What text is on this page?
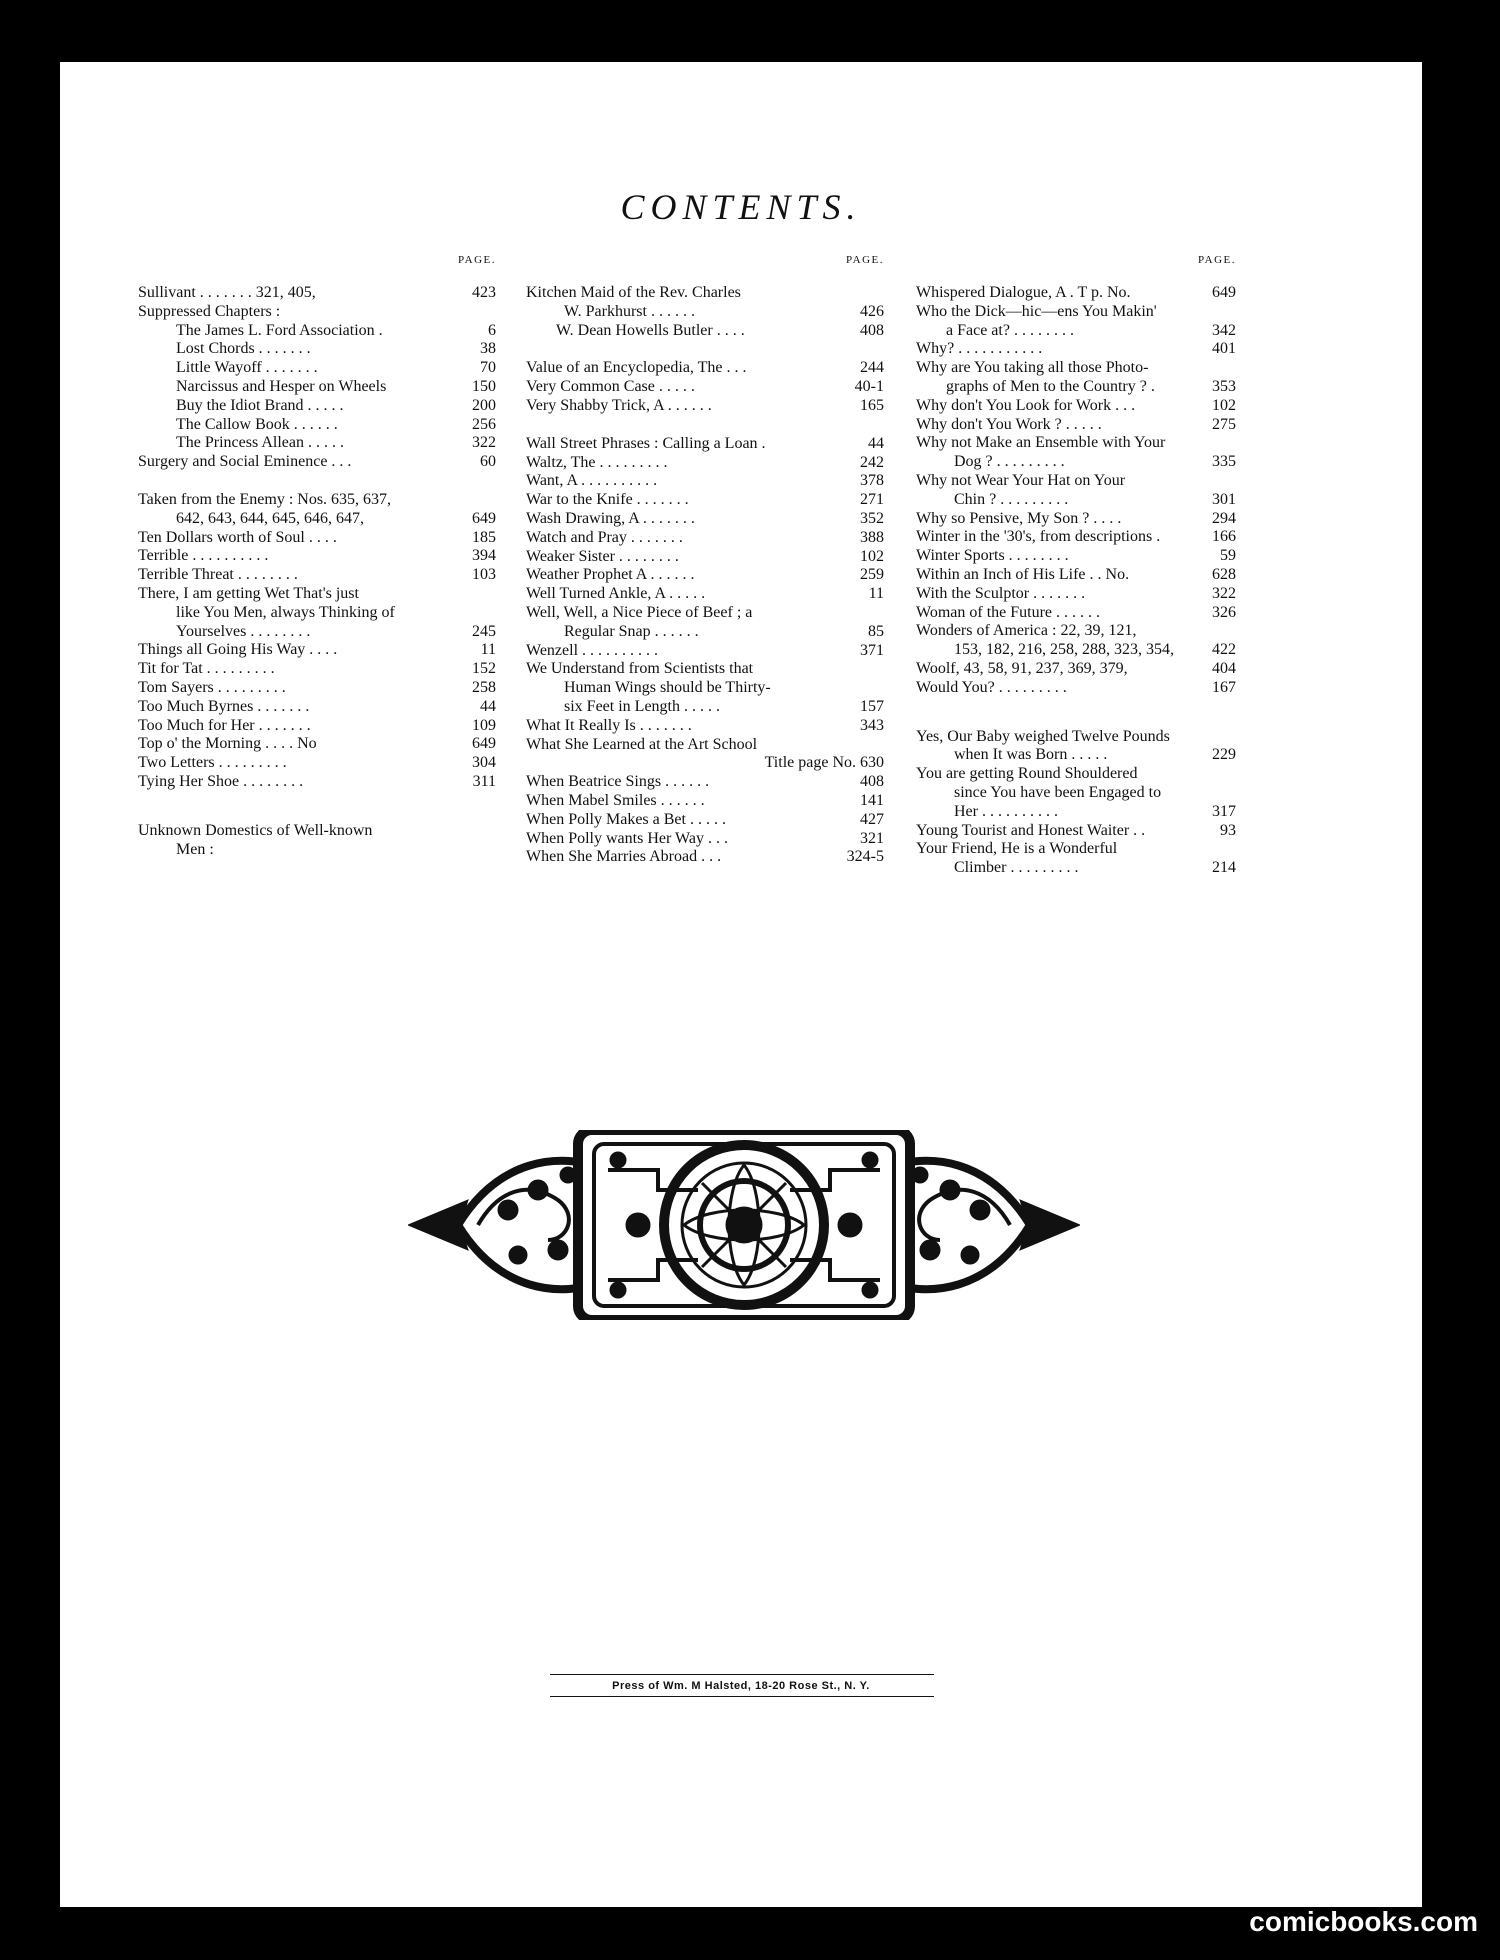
CONTENTS.
PAGE.
423
Sullivant . . . . . . . 321, 405,
Suppressed Chapters :
6
The James L. Ford Association .
38
Lost Chords . . . . . . .
70
Little Wayoff . . . . . . .
150
Narcissus and Hesper on Wheels
200
Buy the Idiot Brand . . . . .
256
The Callow Book . . . . . .
322
The Princess Allean . . . . .
60
Surgery and Social Eminence . . .
Taken from the Enemy : Nos. 635, 637,
649
642, 643, 644, 645, 646, 647,
185
Ten Dollars worth of Soul . . . .
394
Terrible . . . . . . . . . .
103
Terrible Threat . . . . . . . .
There, I am getting Wet That's just
like You Men, always Thinking of
245
Yourselves . . . . . . . .
11
Things all Going His Way . . . .
152
Tit for Tat . . . . . . . . .
258
Tom Sayers . . . . . . . . .
44
Too Much Byrnes . . . . . . .
109
Too Much for Her . . . . . . .
649
Top o' the Morning . . . . No
304
Two Letters . . . . . . . . .
311
Tying Her Shoe . . . . . . . .
Unknown Domestics of Well-known
Men :
PAGE.
Kitchen Maid of the Rev. Charles
426
W. Parkhurst . . . . . .
408
W. Dean Howells Butler . . . .
244
Value of an Encyclopedia, The . . .
40-1
Very Common Case . . . . .
165
Very Shabby Trick, A . . . . . .
44
Wall Street Phrases : Calling a Loan .
242
Waltz, The . . . . . . . . .
378
Want, A . . . . . . . . . .
271
War to the Knife . . . . . . .
352
Wash Drawing, A . . . . . . .
388
Watch and Pray . . . . . . .
102
Weaker Sister . . . . . . . .
259
Weather Prophet A . . . . . .
11
Well Turned Ankle, A . . . . .
Well, Well, a Nice Piece of Beef ; a
85
Regular Snap . . . . . .
371
Wenzell . . . . . . . . . .
We Understand from Scientists that
Human Wings should be Thirty-
157
six Feet in Length . . . . .
343
What It Really Is . . . . . . .
What She Learned at the Art School
630
Title page No.
408
When Beatrice Sings . . . . . .
141
When Mabel Smiles . . . . . .
427
When Polly Makes a Bet . . . . .
321
When Polly wants Her Way . . .
324-5
When She Marries Abroad . . .
PAGE.
649
Whispered Dialogue, A . T p. No.
Who the Dick—hic—ens You Makin'
342
a Face at? . . . . . . . .
401
Why? . . . . . . . . . . .
Why are You taking all those Photo-
353
graphs of Men to the Country ? .
102
Why don't You Look for Work . . .
275
Why don't You Work ? . . . . .
Why not Make an Ensemble with Your
335
Dog ? . . . . . . . . .
Why not Wear Your Hat on Your
301
Chin ? . . . . . . . . .
294
Why so Pensive, My Son ? . . . .
166
Winter in the '30's, from descriptions .
59
Winter Sports . . . . . . . .
628
Within an Inch of His Life . . No.
322
With the Sculptor . . . . . . .
326
Woman of the Future . . . . . .
Wonders of America : 22, 39, 121,
422
153, 182, 216, 258, 288, 323, 354,
404
Woolf, 43, 58, 91, 237, 369, 379,
167
Would You? . . . . . . . . .
Yes, Our Baby weighed Twelve Pounds
229
when It was Born . . . . .
You are getting Round Shouldered
since You have been Engaged to
317
Her . . . . . . . . . .
93
Young Tourist and Honest Waiter . .
Your Friend, He is a Wonderful
214
Climber . . . . . . . . .
Press of Wm. M Halsted, 18-20 Rose St., N. Y.
comicbooks.com
